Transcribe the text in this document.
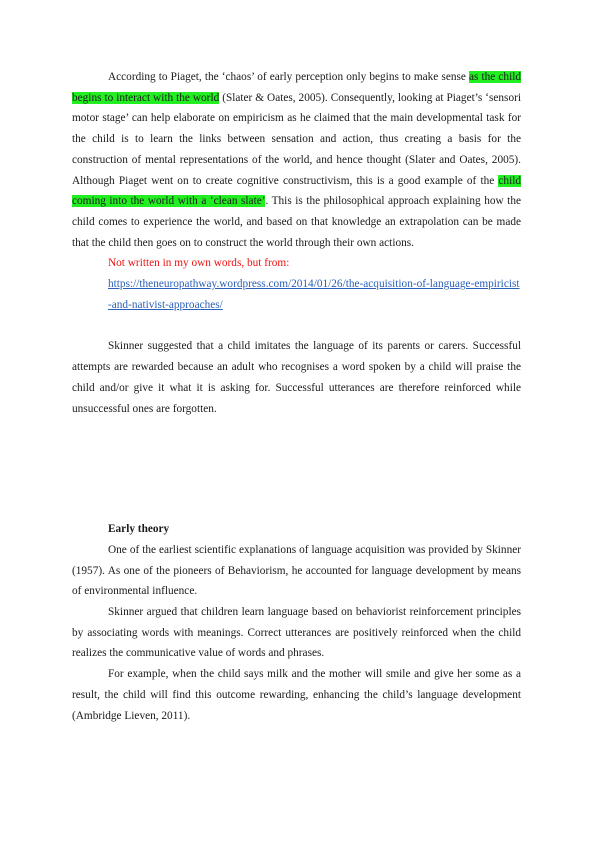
According to Piaget, the ‘chaos’ of early perception only begins to make sense as the child begins to interact with the world (Slater & Oates, 2005). Consequently, looking at Piaget’s ‘sensori motor stage’ can help elaborate on empiricism as he claimed that the main developmental task for the child is to learn the links between sensation and action, thus creating a basis for the construction of mental representations of the world, and hence thought (Slater and Oates, 2005). Although Piaget went on to create cognitive constructivism, this is a good example of the child coming into the world with a ‘clean slate’. This is the philosophical approach explaining how the child comes to experience the world, and based on that knowledge an extrapolation can be made that the child then goes on to construct the world through their own actions.

Not written in my own words, but from:

https://theneuropathway.wordpress.com/2014/01/26/the-acquisition-of-language-empiricist-and-nativist-approaches/

Skinner suggested that a child imitates the language of its parents or carers. Successful attempts are rewarded because an adult who recognises a word spoken by a child will praise the child and/or give it what it is asking for. Successful utterances are therefore reinforced while unsuccessful ones are forgotten.

Early theory

One of the earliest scientific explanations of language acquisition was provided by Skinner (1957). As one of the pioneers of Behaviorism, he accounted for language development by means of environmental influence.

Skinner argued that children learn language based on behaviorist reinforcement principles by associating words with meanings. Correct utterances are positively reinforced when the child realizes the communicative value of words and phrases.

For example, when the child says milk and the mother will smile and give her some as a result, the child will find this outcome rewarding, enhancing the child’s language development (Ambridge Lieven, 2011).
